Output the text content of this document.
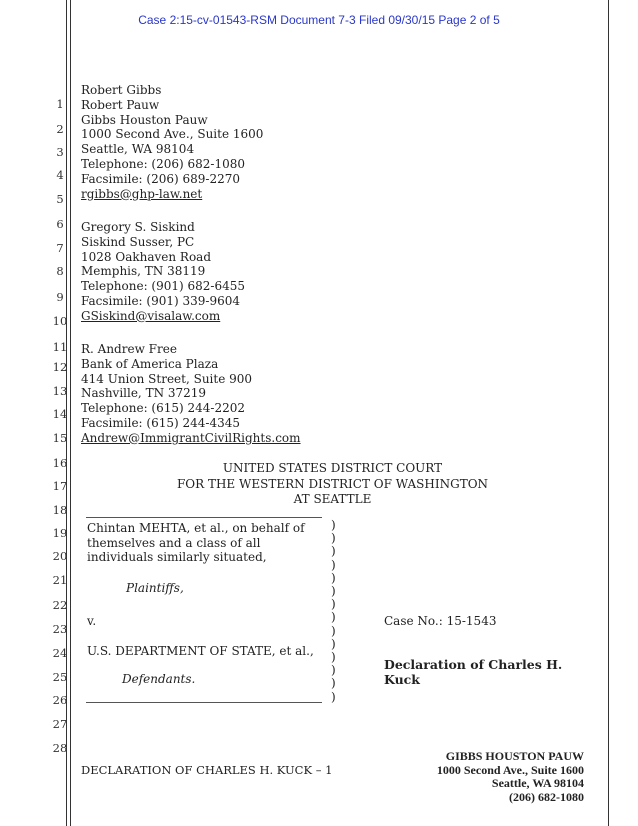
Case 2:15-cv-01543-RSM Document 7-3 Filed 09/30/15 Page 2 of 5
1
2
3
4
5
6
7
8
9
10
11
12
13
14
15
16
17
18
19
20
21
22
23
24
25
26
27
28
Robert Gibbs
Robert Pauw
Gibbs Houston Pauw
1000 Second Ave., Suite 1600
Seattle, WA 98104
Telephone: (206) 682-1080
Facsimile: (206) 689-2270
rgibbs@ghp-law.net
Gregory S. Siskind
Siskind Susser, PC
1028 Oakhaven Road
Memphis, TN 38119
Telephone: (901) 682-6455
Facsimile: (901) 339-9604
GSiskind@visalaw.com
R. Andrew Free
Bank of America Plaza
414 Union Street, Suite 900
Nashville, TN 37219
Telephone: (615) 244-2202
Facsimile: (615) 244-4345
Andrew@ImmigrantCivilRights.com
UNITED STATES DISTRICT COURT
FOR THE WESTERN DISTRICT OF WASHINGTON
AT SEATTLE
Chintan MEHTA, et al., on behalf of
themselves and a class of all
individuals similarly situated,
Plaintiffs,
v.
U.S. DEPARTMENT OF STATE, et al.,
Defendants.
)
)
)
)
)
)
)
)
)
)
)
)
)
)
Case No.: 15-1543
Declaration of Charles H.
Kuck
DECLARATION OF CHARLES H. KUCK – 1
GIBBS HOUSTON PAUW
1000 Second Ave., Suite 1600
Seattle, WA 98104
(206) 682-1080
